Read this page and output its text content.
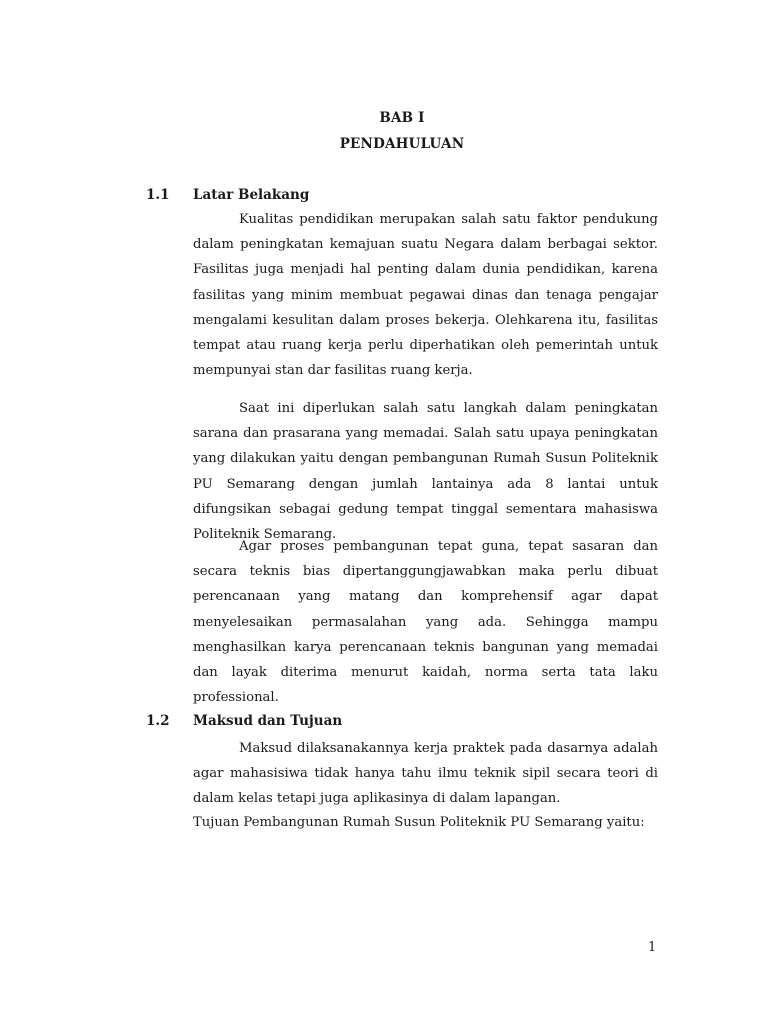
BAB I
PENDAHULUAN
1.1	Latar Belakang

Kualitas pendidikan merupakan salah satu faktor pendukung dalam peningkatan kemajuan suatu Negara dalam berbagai sektor. Fasilitas juga menjadi hal penting dalam dunia pendidikan, karena fasilitas yang minim membuat pegawai dinas dan tenaga pengajar mengalami kesulitan dalam proses bekerja. Olehkarena itu, fasilitas tempat atau ruang kerja perlu diperhatikan oleh pemerintah untuk mempunyai stan dar fasilitas ruang kerja.

Saat ini diperlukan salah satu langkah dalam peningkatan sarana dan prasarana yang memadai. Salah satu upaya peningkatan yang dilakukan yaitu dengan pembangunan Rumah Susun Politeknik PU Semarang dengan jumlah lantainya ada 8 lantai untuk difungsikan sebagai gedung tempat tinggal sementara mahasiswa Politeknik Semarang.

Agar proses pembangunan tepat guna, tepat sasaran dan secara teknis bias dipertanggungjawabkan maka perlu dibuat perencanaan yang matang dan komprehensif agar dapat menyelesaikan permasalahan yang ada. Sehingga mampu menghasilkan karya perencanaan teknis bangunan yang memadai dan layak diterima menurut kaidah, norma serta tata laku professional.

1.2	Maksud dan Tujuan

Maksud dilaksanakannya kerja praktek pada dasarnya adalah agar mahasisiwa tidak hanya tahu ilmu teknik sipil secara teori di dalam kelas tetapi juga aplikasinya di dalam lapangan.

Tujuan Pembangunan Rumah Susun Politeknik PU Semarang yaitu:

1
